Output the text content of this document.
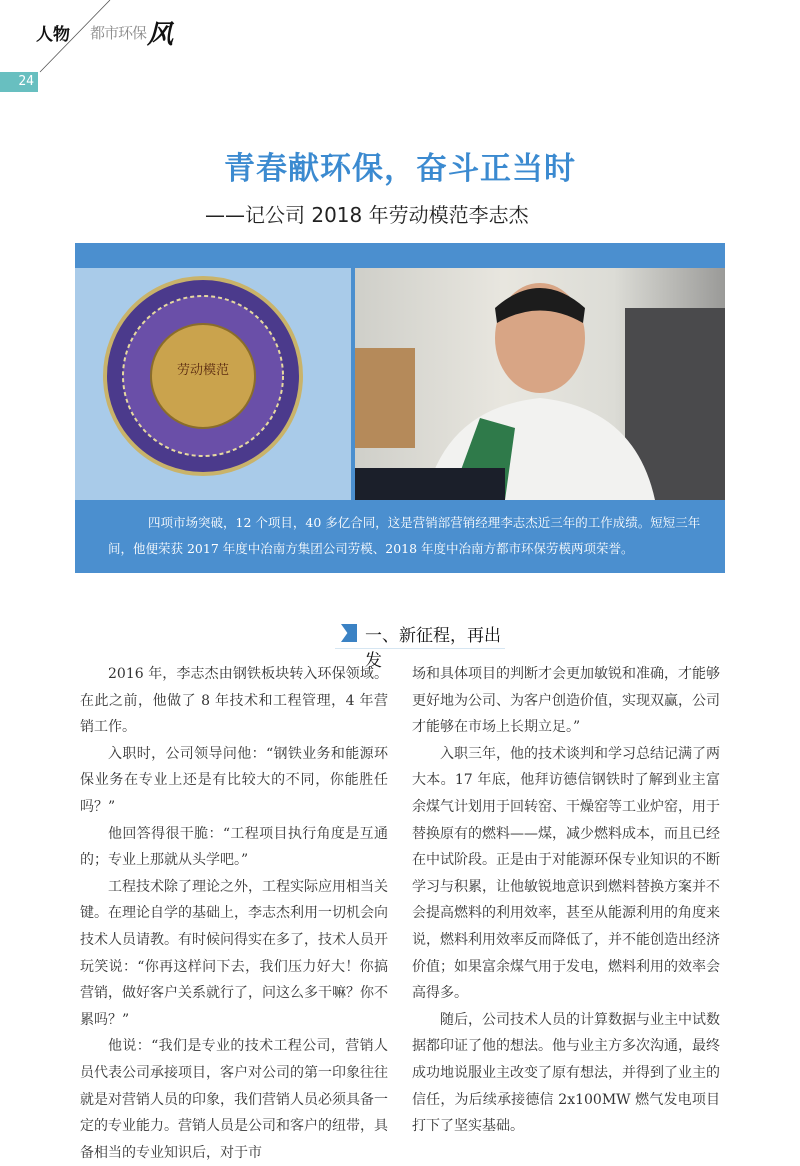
人物 都市环保 风
24
青春献环保，奋斗正当时
——记公司 2018 年劳动模范李志杰
劳动模范
四项市场突破，12 个项目，40 多亿合同，这是营销部营销经理李志杰近三年的工作成绩。短短三年间，他便荣获 2017 年度中冶南方集团公司劳模、2018 年度中冶南方都市环保劳模两项荣誉。
一、新征程，再出发

2016 年，李志杰由钢铁板块转入环保领域。在此之前，他做了 8 年技术和工程管理，4 年营销工作。

入职时，公司领导问他：“钢铁业务和能源环保业务在专业上还是有比较大的不同，你能胜任吗？”

他回答得很干脆：“工程项目执行角度是互通的；专业上那就从头学吧。”

工程技术除了理论之外，工程实际应用相当关键。在理论自学的基础上，李志杰利用一切机会向技术人员请教。有时候问得实在多了，技术人员开玩笑说：“你再这样问下去，我们压力好大！你搞营销，做好客户关系就行了，问这么多干嘛？你不累吗？”

他说：“我们是专业的技术工程公司，营销人员代表公司承接项目，客户对公司的第一印象往往就是对营销人员的印象，我们营销人员必须具备一定的专业能力。营销人员是公司和客户的纽带，具备相当的专业知识后，对于市

场和具体项目的判断才会更加敏锐和准确，才能够更好地为公司、为客户创造价值，实现双赢，公司才能够在市场上长期立足。”

入职三年，他的技术谈判和学习总结记满了两大本。17 年底，他拜访德信钢铁时了解到业主富余煤气计划用于回转窑、干燥窑等工业炉窑，用于替换原有的燃料——煤，减少燃料成本，而且已经在中试阶段。正是由于对能源环保专业知识的不断学习与积累，让他敏锐地意识到燃料替换方案并不会提高燃料的利用效率，甚至从能源利用的角度来说，燃料利用效率反而降低了，并不能创造出经济价值；如果富余煤气用于发电，燃料利用的效率会高得多。

随后，公司技术人员的计算数据与业主中试数据都印证了他的想法。他与业主方多次沟通，最终成功地说服业主改变了原有想法，并得到了业主的信任，为后续承接德信 2x100MW 燃气发电项目打下了坚实基础。
